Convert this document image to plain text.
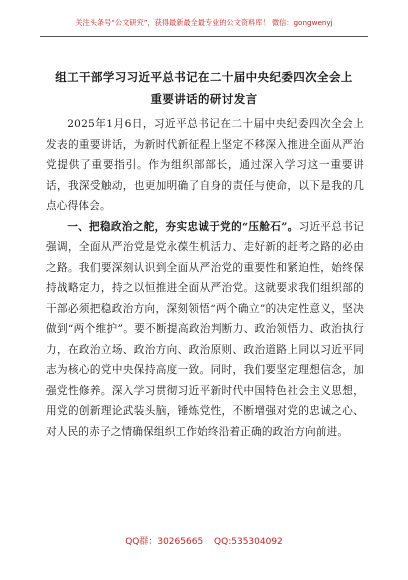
关注头条号“公文研究”，获得最新最全最专业的公文资料库！ 微信：gongwenyj
组工干部学习习近平总书记在二十届中央纪委四次全会上
重要讲话的研讨发言

2025年1月6日，习近平总书记在二十届中央纪委四次全会上发表的重要讲话，为新时代新征程上坚定不移深入推进全面从严治党提供了重要指引。作为组织部部长，通过深入学习这一重要讲话，我深受触动，也更加明确了自身的责任与使命，以下是我的几点心得体会。

一、把稳政治之舵，夯实忠诚于党的“压舱石”。习近平总书记强调，全面从严治党是党永葆生机活力、走好新的赶考之路的必由之路。我们要深刻认识到全面从严治党的重要性和紧迫性，始终保持战略定力，持之以恒推进全面从严治党。这就要求我们组织部的干部必须把稳政治方向，深刻领悟“两个确立”的决定性意义，坚决做到“两个维护”。要不断提高政治判断力、政治领悟力、政治执行力，在政治立场、政治方向、政治原则、政治道路上同以习近平同志为核心的党中央保持高度一致。同时，我们要坚定理想信念，加强党性修养。深入学习贯彻习近平新时代中国特色社会主义思想，用党的创新理论武装头脑，锤炼党性，不断增强对党的忠诚之心、对人民的赤子之情确保组织工作始终沿着正确的政治方向前进。

QQ群：30265665 QQ:535304092
